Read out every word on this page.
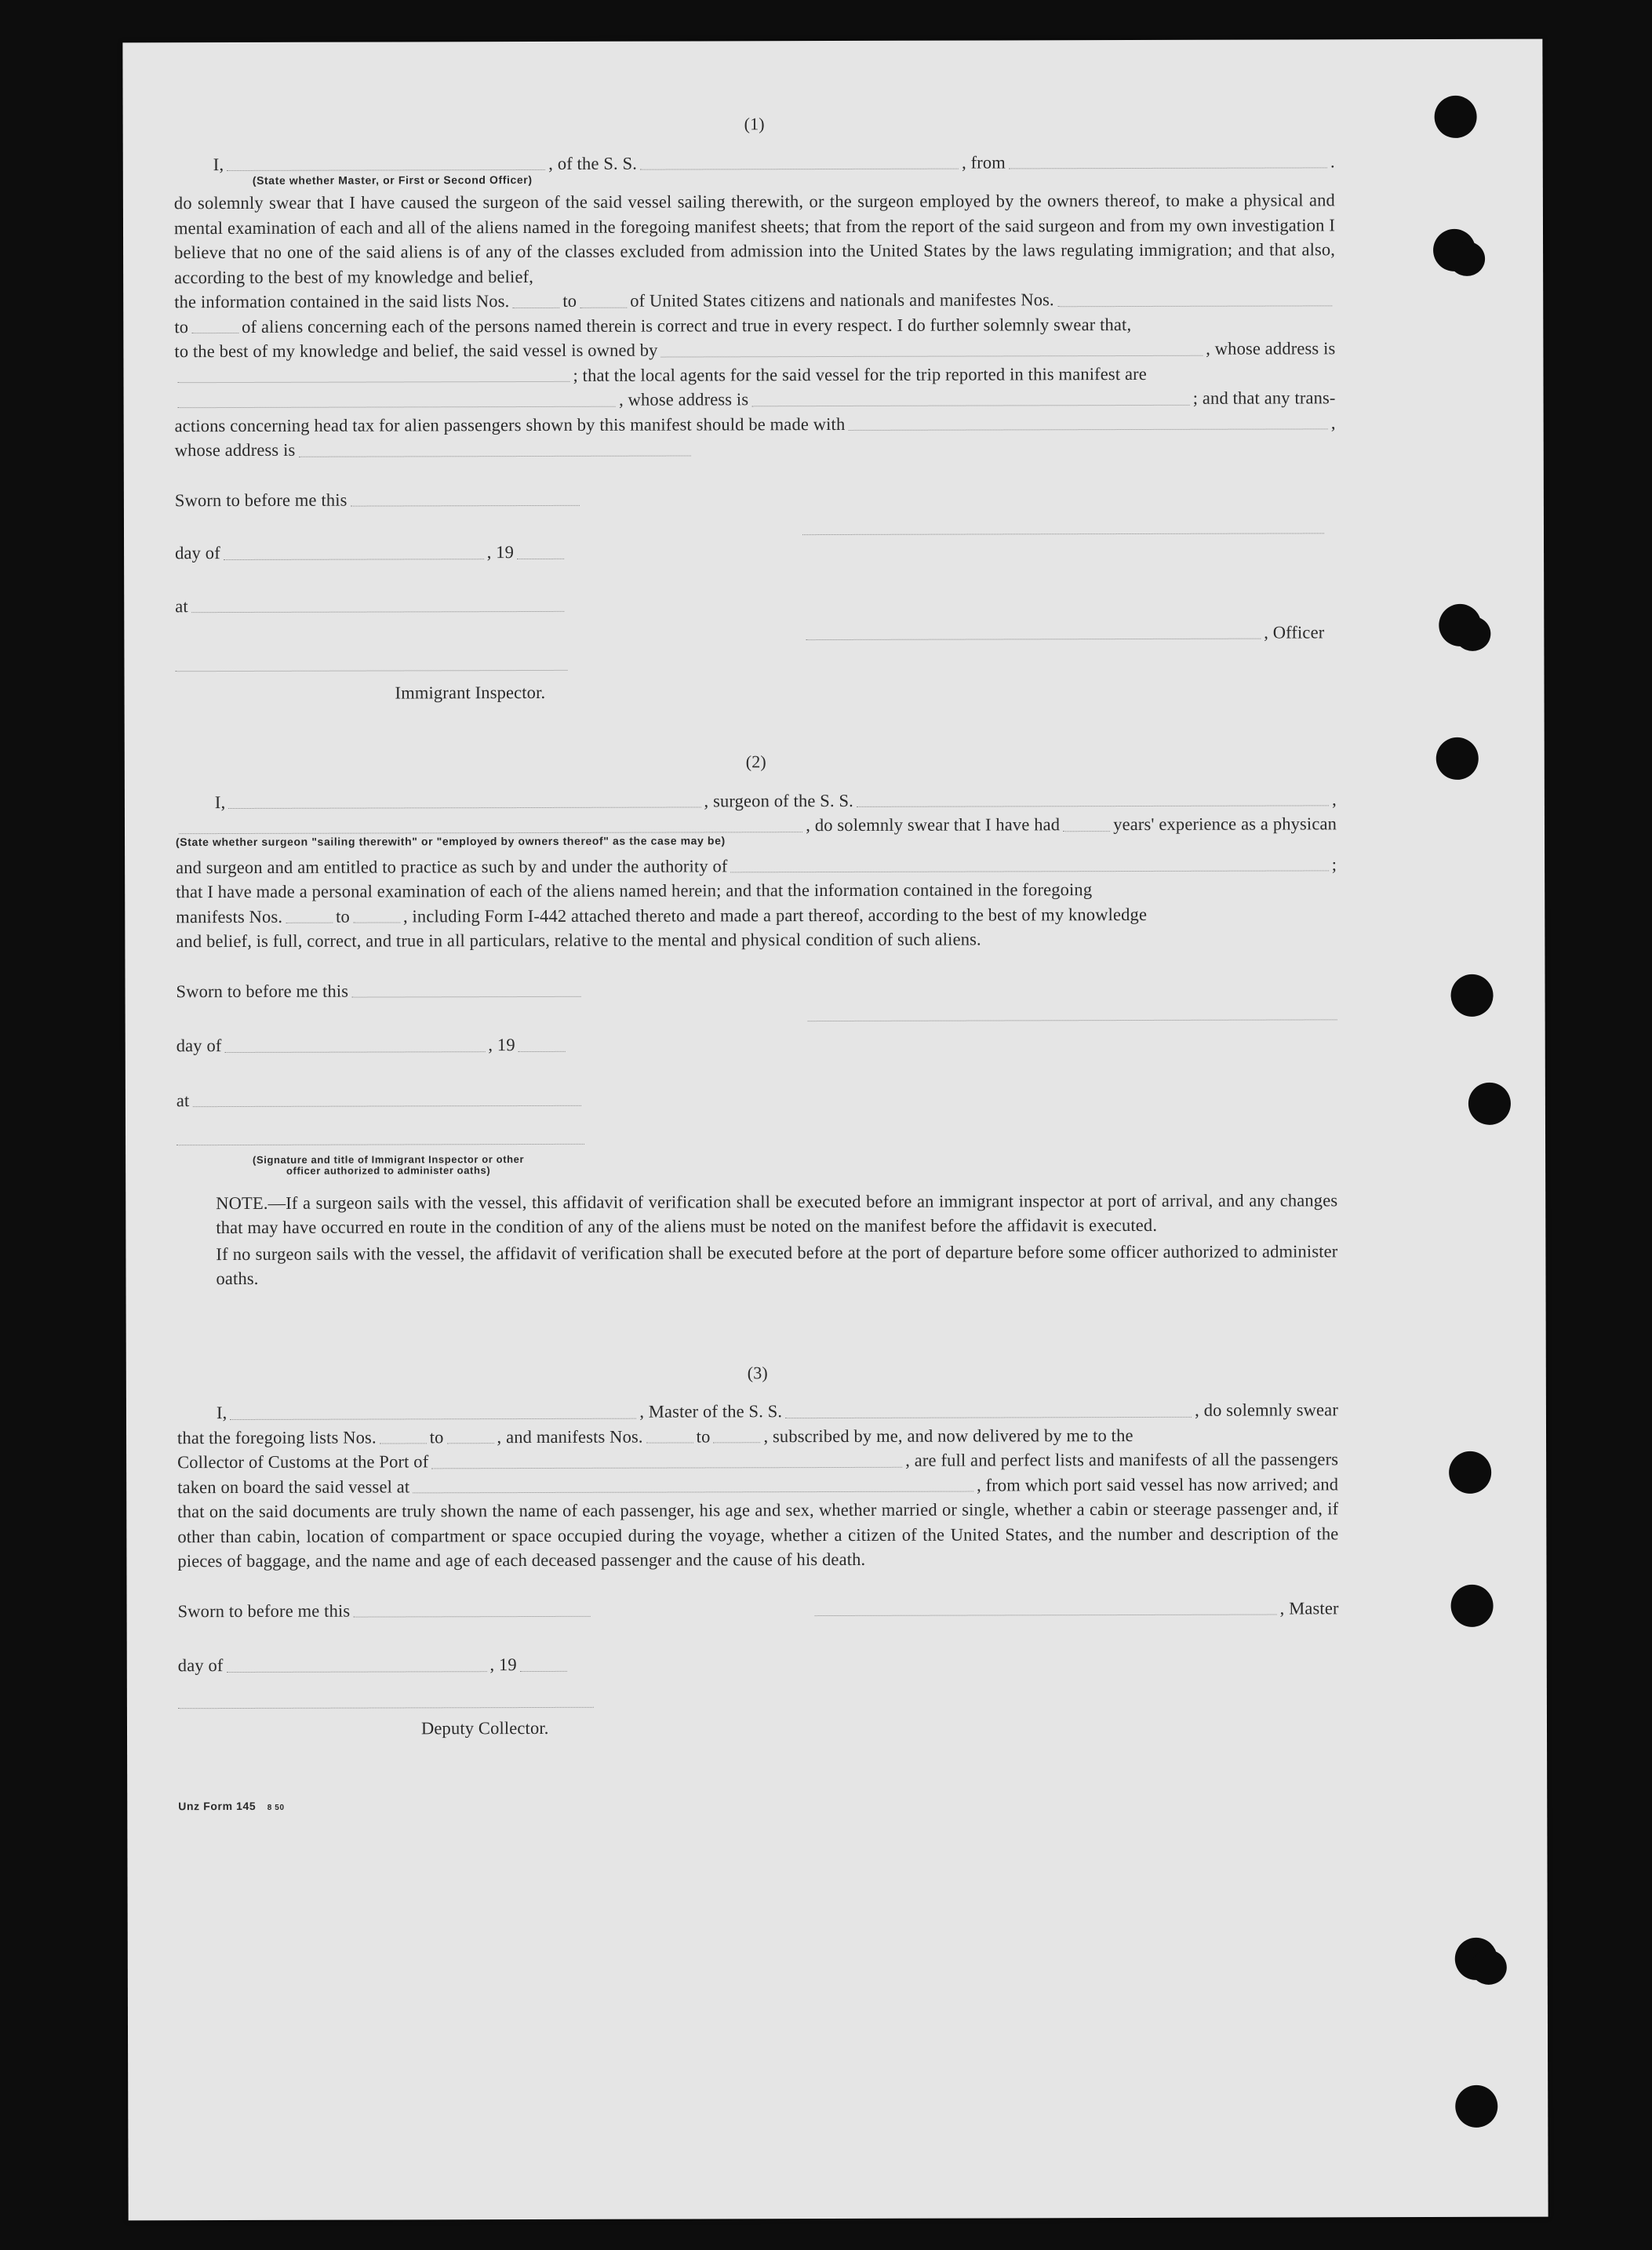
(1)
I,	, of the S. S.	, from	.
(State whether Master, or First or Second Officer)
do solemnly swear that I have caused the surgeon of the said vessel sailing therewith, or the surgeon employed by the owners thereof, to make a physical and mental examination of each and all of the aliens named in the foregoing manifest sheets; that from the report of the said surgeon and from my own investigation I believe that no one of the said aliens is of any of the classes excluded from admission into the United States by the laws regulating immigration; and that also, according to the best of my knowledge and belief,
the information contained in the said lists Nos.	to	of United States citizens and nationals and manifestes Nos.
to	of aliens concerning each of the persons named therein is correct and true in every respect. I do further solemnly swear that,
to the best of my knowledge and belief, the said vessel is owned by	, whose address is
; that the local agents for the said vessel for the trip reported in this manifest are
, whose address is	; and that any trans-
actions concerning head tax for alien passengers shown by this manifest should be made with	,
whose address is
Sworn to before me this
day of	, 19
at
, Officer
Immigrant Inspector.
(2)
I,	, surgeon of the S. S.	,
, do solemnly swear that I have had	years' experience as a physican
(State whether surgeon "sailing therewith" or "employed by owners thereof" as the case may be)
and surgeon and am entitled to practice as such by and under the authority of	;
that I have made a personal examination of each of the aliens named herein; and that the information contained in the foregoing
manifests Nos.	to	, including Form I-442 attached thereto and made a part thereof, according to the best of my knowledge
and belief, is full, correct, and true in all particulars, relative to the mental and physical condition of such aliens.
Sworn to before me this
day of	, 19
at
(Signature and title of Immigrant Inspector or other
officer authorized to administer oaths)
NOTE.—If a surgeon sails with the vessel, this affidavit of verification shall be executed before an immigrant inspector at port of arrival, and any changes that may have occurred en route in the condition of any of the aliens must be noted on the manifest before the affidavit is executed.
If no surgeon sails with the vessel, the affidavit of verification shall be executed before at the port of departure before some officer authorized to administer oaths.
(3)
I,	, Master of the S. S.	, do solemnly swear
that the foregoing lists Nos.	to	, and manifests Nos.	to	, subscribed by me, and now delivered by me to the
Collector of Customs at the Port of	, are full and perfect lists and manifests of all the passengers
taken on board the said vessel at	, from which port said vessel has now arrived; and
that on the said documents are truly shown the name of each passenger, his age and sex, whether married or single, whether a cabin or steerage passenger and, if other than cabin, location of compartment or space occupied during the voyage, whether a citizen of the United States, and the number and description of the pieces of baggage, and the name and age of each deceased passenger and the cause of his death.
Sworn to before me this	, Master
day of	, 19
Deputy Collector.
Unz Form 145 8 50
